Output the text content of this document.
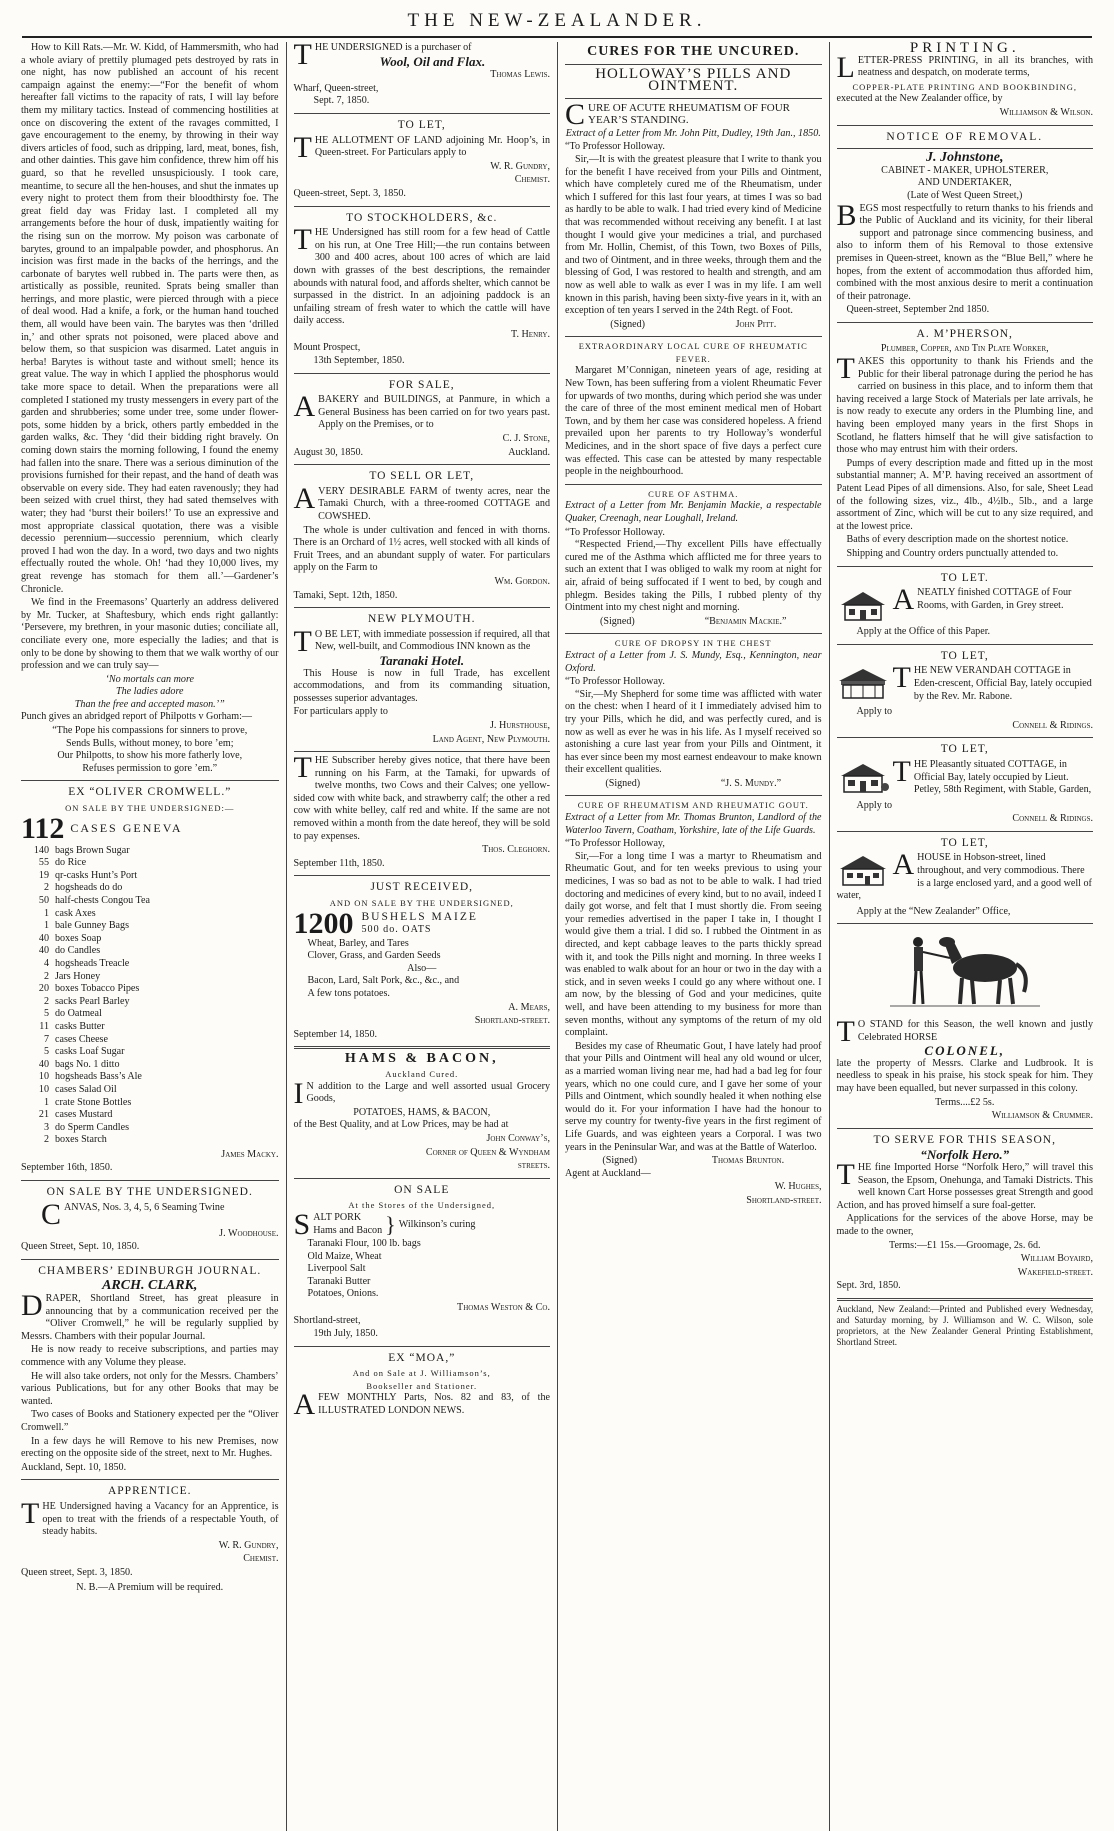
THE NEW-ZEALANDER.

How to Kill Rats.—Mr. W. Kidd, of Hammersmith, who had a whole aviary of prettily plumaged pets destroyed by rats in one night, has now published an account of his recent campaign against the enemy:—“For the benefit of whom hereafter fall victims to the rapacity of rats, I will lay before them my military tactics. Instead of commencing hostilities at once on discovering the extent of the ravages committed, I gave encouragement to the enemy, by throwing in their way divers articles of food, such as dripping, lard, meat, bones, fish, and other dainties. This gave him confidence, threw him off his guard, so that he revelled unsuspiciously. I took care, meantime, to secure all the hen-houses, and shut the inmates up every night to protect them from their bloodthirsty foe. The great field day was Friday last. I completed all my arrangements before the hour of dusk, impatiently waiting for the rising sun on the morrow. My poison was carbonate of barytes, ground to an impalpable powder, and phosphorus. An incision was first made in the backs of the herrings, and the carbonate of barytes well rubbed in. The parts were then, as artistically as possible, reunited. Sprats being smaller than herrings, and more plastic, were pierced through with a piece of deal wood. Had a knife, a fork, or the human hand touched them, all would have been vain. The barytes was then ‘drilled in,’ and other sprats not poisoned, were placed above and below them, so that suspicion was disarmed. Latet anguis in herba! Barytes is without taste and without smell; hence its great value. The way in which I applied the phosphorus would take more space to detail. When the preparations were all completed I stationed my trusty messengers in every part of the garden and shrubberies; some under tree, some under flower-pots, some hidden by a brick, others partly embedded in the garden walks, &c. They ‘did their bidding right bravely. On coming down stairs the morning following, I found the enemy had fallen into the snare. There was a serious diminution of the provisions furnished for their repast, and the hand of death was observable on every side. They had eaten ravenously; they had been seized with cruel thirst, they had sated themselves with water; they had ‘burst their boilers!’ To use an expressive and most appropriate classical quotation, there was a visible decessio perennium—successio perennium, which clearly proved I had won the day. In a word, two days and two nights effectually routed the whole. Oh! ‘had they 10,000 lives, my great revenge has stomach for them all.’—Gardener’s Chronicle.

We find in the Freemasons’ Quarterly an address delivered by Mr. Tucker, at Shaftesbury, which ends right gallantly: ‘Persevere, my brethren, in your masonic duties; conciliate all, conciliate every one, more especially the ladies; and that is only to be done by showing to them that we walk worthy of our profession and we can truly say—

‘No mortals can more
The ladies adore
Than the free and accepted mason.’”

Punch gives an abridged report of Philpotts v Gorham:—

“The Pope his compassions for sinners to prove,
Sends Bulls, without money, to bore ’em;
Our Philpotts, to show his more fatherly love,
Refuses permission to gore ’em.”
EX “OLIVER CROMWELL.”
ON SALE BY THE UNDERSIGNED:—
112 CASES GENEVA
140 bags Brown Sugar
55 do Rice
19 qr-casks Hunt’s Port
2 hogsheads do do
50 half-chests Congou Tea
1 cask Axes
1 bale Gunney Bags
40 boxes Soap
40 do Candles
4 hogsheads Treacle
2 Jars Honey
20 boxes Tobacco Pipes
2 sacks Pearl Barley
5 do Oatmeal
11 casks Butter
7 cases Cheese
5 casks Loaf Sugar
40 bags No. 1 ditto
10 hogsheads Bass’s Ale
10 cases Salad Oil
1 crate Stone Bottles
21 cases Mustard
3 do Sperm Candles
2 boxes Starch
James Macky.
September 16th, 1850.
ON SALE BY THE UNDERSIGNED.
CANVAS, Nos. 3, 4, 5, 6 Seaming Twine
J. Woodhouse.
Queen Street, Sept. 10, 1850.
CHAMBERS’ EDINBURGH JOURNAL.
ARCH. CLARK,

DRAPER, Shortland Street, has great pleasure in announcing that by a communication received per the “Oliver Cromwell,” he will be regularly supplied by Messrs. Chambers with their popular Journal.

He is now ready to receive subscriptions, and parties may commence with any Volume they please.

He will also take orders, not only for the Messrs. Chambers’ various Publications, but for any other Books that may be wanted.

Two cases of Books and Stationery expected per the “Oliver Cromwell.”

In a few days he will Remove to his new Premises, now erecting on the opposite side of the street, next to Mr. Hughes.

Auckland, Sept. 10, 1850.
APPRENTICE.

THE Undersigned having a Vacancy for an Apprentice, is open to treat with the friends of a respectable Youth, of steady habits.

W. R. Gundry,
Chemist.
Queen street, Sept. 3, 1850.
N. B.—A Premium will be required.

THE UNDERSIGNED is a purchaser of

Wool, Oil and Flax.
Thomas Lewis.
Wharf, Queen-street,
Sept. 7, 1850.
TO LET,

THE ALLOTMENT OF LAND adjoining Mr. Hoop’s, in Queen-street. For Particulars apply to

W. R. Gundry,
Chemist.
Queen-street, Sept. 3, 1850.
TO STOCKHOLDERS, &c.

THE Undersigned has still room for a few head of Cattle on his run, at One Tree Hill;—the run contains between 300 and 400 acres, about 100 acres of which are laid down with grasses of the best descriptions, the remainder abounds with natural food, and affords shelter, which cannot be surpassed in the district. In an adjoining paddock is an unfailing stream of fresh water to which the cattle will have daily access.

T. Henry.
Mount Prospect,
13th September, 1850.
FOR SALE,

ABAKERY and BUILDINGS, at Panmure, in which a General Business has been carried on for two years past. Apply on the Premises, or to

C. J. Stone,
August 30, 1850.	Auckland.
TO SELL OR LET,

AVERY DESIRABLE FARM of twenty acres, near the Tamaki Church, with a three-roomed COTTAGE and COWSHED.

The whole is under cultivation and fenced in with thorns. There is an Orchard of 1½ acres, well stocked with all kinds of Fruit Trees, and an abundant supply of water. For particulars apply on the Farm to

Wm. Gordon.
Tamaki, Sept. 12th, 1850.
NEW PLYMOUTH.

T O BE LET, with immediate possession if required, all that New, well-built, and Commodious INN known as the

Taranaki Hotel.

This House is now in full Trade, has excellent accommodations, and from its commanding situation, possesses superior advantages.

For particulars apply to
J. Hursthouse,
Land Agent, New Plymouth.

THE Subscriber hereby gives notice, that there have been running on his Farm, at the Tamaki, for upwards of twelve months, two Cows and their Calves; one yellow-sided cow with white back, and strawberry calf; the other a red cow with white belley, calf red and white. If the same are not removed within a month from the date hereof, they will be sold to pay expenses.

Thos. Cleghorn.
September 11th, 1850.
JUST RECEIVED,
AND ON SALE BY THE UNDERSIGNED,
1200 BUSHELS MAIZE
500 do. OATS
Wheat, Barley, and Tares
Clover, Grass, and Garden Seeds
Also—
Bacon, Lard, Salt Pork, &c., &c., and
A few tons potatoes.
A. Mears,
Shortland-street.
September 14, 1850.
HAMS & BACON,
Auckland Cured.

I N addition to the Large and well assorted usual Grocery Goods,

POTATOES, HAMS, & BACON,

of the Best Quality, and at Low Prices, may be had at

John Conway’s,
Corner of Queen & Wyndham
streets.
ON SALE
At the Stores of the Undersigned,
S ALT PORK
Hams and Bacon } Wilkinson’s curing
Taranaki Flour, 100 lb. bags
Old Maize, Wheat
Liverpool Salt
Taranaki Butter
Potatoes, Onions.
Thomas Weston & Co.
Shortland-street,
19th July, 1850.
EX “MOA,”
And on Sale at J. Williamson’s,
Bookseller and Stationer.

AFEW MONTHLY Parts, Nos. 82 and 83, of the ILLUSTRATED LONDON NEWS.

CURES FOR THE UNCURED.
HOLLOWAY’S PILLS AND OINTMENT.
CURE OF ACUTE RHEUMATISM OF FOUR YEAR’S STANDING.

Extract of a Letter from Mr. John Pitt, Dudley, 19th Jan., 1850.

“To Professor Holloway.

Sir,—It is with the greatest pleasure that I write to thank you for the benefit I have received from your Pills and Ointment, which have completely cured me of the Rheumatism, under which I suffered for this last four years, at times I was so bad as hardly to be able to walk. I had tried every kind of Medicine that was recommended without receiving any benefit. I at last thought I would give your medicines a trial, and purchased from Mr. Hollin, Chemist, of this Town, two Boxes of Pills, and two of Ointment, and in three weeks, through them and the blessing of God, I was restored to health and strength, and am now as well able to walk as ever I was in my life. I am well known in this parish, having been sixty-five years in it, with an exception of ten years I served in the 24th Regt. of Foot.

(Signed)	John Pitt.
EXTRAORDINARY LOCAL CURE OF RHEUMATIC FEVER.

Margaret M’Connigan, nineteen years of age, residing at New Town, has been suffering from a violent Rheumatic Fever for upwards of two months, during which period she was under the care of three of the most eminent medical men of Hobart Town, and by them her case was considered hopeless. A friend prevailed upon her parents to try Holloway’s wonderful Medicines, and in the short space of five days a perfect cure was effected. This case can be attested by many respectable people in the neighbourhood.

CURE OF ASTHMA.

Extract of a Letter from Mr. Benjamin Mackie, a respectable Quaker, Creenagh, near Loughall, Ireland.

“To Professor Holloway.

“Respected Friend,—Thy excellent Pills have effectually cured me of the Asthma which afflicted me for three years to such an extent that I was obliged to walk my room at night for air, afraid of being suffocated if I went to bed, by cough and phlegm. Besides taking the Pills, I rubbed plenty of thy Ointment into my chest night and morning.

(Signed)	“Benjamin Mackie.”
CURE OF DROPSY IN THE CHEST

Extract of a Letter from J. S. Mundy, Esq., Kennington, near Oxford.

“To Professor Holloway.

“Sir,—My Shepherd for some time was afflicted with water on the chest: when I heard of it I immediately advised him to try your Pills, which he did, and was perfectly cured, and is now as well as ever he was in his life. As I myself received so astonishing a cure last year from your Pills and Ointment, it has ever since been my most earnest endeavour to make known their excellent qualities.

(Signed)	“J. S. Mundy.”
CURE OF RHEUMATISM AND RHEUMATIC GOUT.

Extract of a Letter from Mr. Thomas Brunton, Landlord of the Waterloo Tavern, Coatham, Yorkshire, late of the Life Guards.

“To Professor Holloway,

Sir,—For a long time I was a martyr to Rheumatism and Rheumatic Gout, and for ten weeks previous to using your medicines, I was so bad as not to be able to walk. I had tried doctoring and medicines of every kind, but to no avail, indeed I daily got worse, and felt that I must shortly die. From seeing your remedies advertised in the paper I take in, I thought I would give them a trial. I did so. I rubbed the Ointment in as directed, and kept cabbage leaves to the parts thickly spread with it, and took the Pills night and morning. In three weeks I was enabled to walk about for an hour or two in the day with a stick, and in seven weeks I could go any where without one. I am now, by the blessing of God and your medicines, quite well, and have been attending to my business for more than seven months, without any symptoms of the return of my old complaint.

Besides my case of Rheumatic Gout, I have lately had proof that your Pills and Ointment will heal any old wound or ulcer, as a married woman living near me, had had a bad leg for four years, which no one could cure, and I gave her some of your Pills and Ointment, which soundly healed it when nothing else would do it. For your information I have had the honour to serve my country for twenty-five years in the first regiment of Life Guards, and was eighteen years a Corporal. I was two years in the Peninsular War, and was at the Battle of Waterloo.

(Signed)	Thomas Brunton.
Agent at Auckland—
W. Hughes,
Shortland-street.
PRINTING.

LETTER-PRESS PRINTING, in all its branches, with neatness and despatch, on moderate terms,

COPPER-PLATE PRINTING AND BOOKBINDING,
executed at the New Zealander office, by
Williamson & Wilson.
NOTICE OF REMOVAL.
J. Johnstone,
CABINET - MAKER, UPHOLSTERER,
AND UNDERTAKER,
(Late of West Queen Street,)

BEGS most respectfully to return thanks to his friends and the Public of Auckland and its vicinity, for their liberal support and patronage since commencing business, and also to inform them of his Removal to those extensive premises in Queen-street, known as the “Blue Bell,” where he hopes, from the extent of accommodation thus afforded him, combined with the most anxious desire to merit a continuation of their patronage.

Queen-street, September 2nd 1850.

A. M’PHERSON,
Plumber, Copper, and Tin Plate Worker,

TAKES this opportunity to thank his Friends and the Public for their liberal patronage during the period he has carried on business in this place, and to inform them that having received a large Stock of Materials per late arrivals, he is now ready to execute any orders in the Plumbing line, and having been employed many years in the first Shops in Scotland, he flatters himself that he will give satisfaction to those who may entrust him with their orders.

Pumps of every description made and fitted up in the most substantial manner; A. M’P. having received an assortment of Patent Lead Pipes of all dimensions. Also, for sale, Sheet Lead of the following sizes, viz., 4lb., 4½lb., 5lb., and a large assortment of Zinc, which will be cut to any size required, and at the lowest price.

Baths of every description made on the shortest notice.

Shipping and Country orders punctually attended to.

TO LET.
ANEATLY finished COTTAGE of Four Rooms, with Garden, in Grey street.
Apply at the Office of this Paper.
TO LET,
THE NEW VERANDAH COTTAGE in Eden-crescent, Official Bay, lately occupied by the Rev. Mr. Rabone.
Apply to
Connell & Ridings.
TO LET,
THE Pleasantly situated COTTAGE, in Official Bay, lately occupied by Lieut. Petley, 58th Regiment, with Stable, Garden,
Apply to
Connell & Ridings.
TO LET,
AHOUSE in Hobson-street, lined throughout, and very commodious. There is a large enclosed yard, and a good well of water,
Apply at the “New Zealander” Office,

T O STAND for this Season, the well known and justly Celebrated HORSE

COLONEL,

late the property of Messrs. Clarke and Ludbrook. It is needless to speak in his praise, his stock speak for him. They may have been equalled, but never surpassed in this colony.

Terms....£2 5s.
Williamson & Crummer.
TO SERVE FOR THIS SEASON,
“Norfolk Hero.”

THE fine Imported Horse “Norfolk Hero,” will travel this Season, the Epsom, Onehunga, and Tamaki Districts. This well known Cart Horse possesses great Strength and good Action, and has proved himself a sure foal-getter.

Applications for the services of the above Horse, may be made to the owner,

Terms:—£1 15s.—Groomage, 2s. 6d.
William Boyaird,
Wakefield-street.
Sept. 3rd, 1850.

Auckland, New Zealand:—Printed and Published every Wednesday, and Saturday morning, by J. Williamson and W. C. Wilson, sole proprietors, at the New Zealander General Printing Establishment, Shortland Street.
